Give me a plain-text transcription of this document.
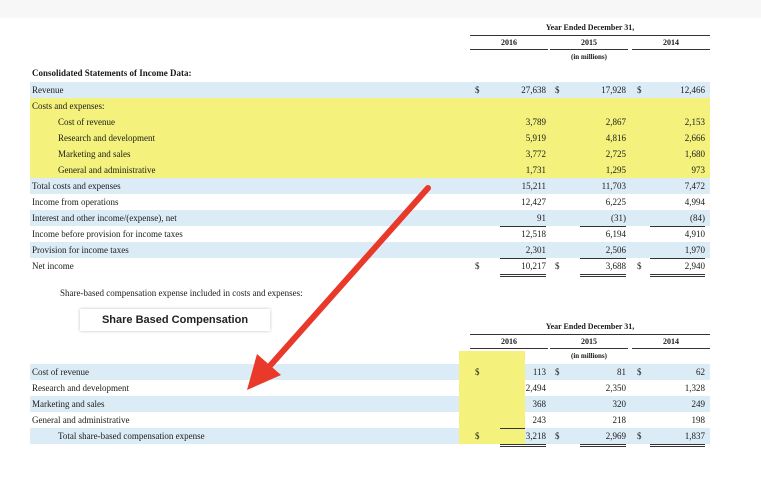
Year Ended December 31,
2016	2015	2014
(in millions)
Consolidated Statements of Income Data:
Revenue	$	27,638 $	17,928 $	12,466
Costs and expenses:
Cost of revenue	3,789	2,867	2,153
Research and development	5,919	4,816	2,666
Marketing and sales	3,772	2,725	1,680
General and administrative	1,731	1,295	973
Total costs and expenses	15,211	11,703	7,472
Income from operations	12,427	6,225	4,994
Interest and other income/(expense), net	91	(31)	(84)
Income before provision for income taxes	12,518	6,194	4,910
Provision for income taxes	2,301	2,506	1,970
Net income	$	10,217 $	3,688 $	2,940
Share-based compensation expense included in costs and expenses:
Share Based Compensation
Year Ended December 31,
2016	2015	2014
(in millions)
Cost of revenue	$	113 $	81 $	62
Research and development	2,494	2,350	1,328
Marketing and sales	368	320	249
General and administrative	243	218	198
Total share-based compensation expense	$	3,218 $	2,969 $	1,837
